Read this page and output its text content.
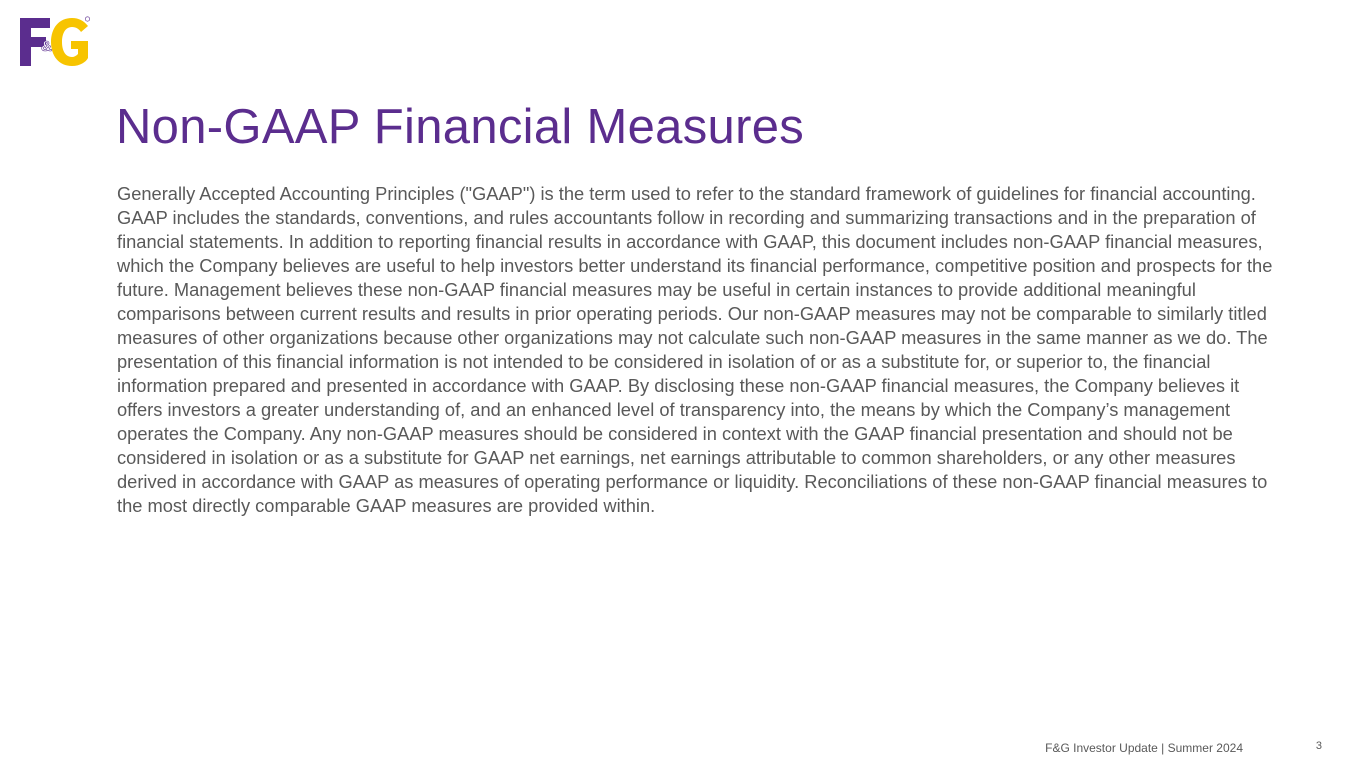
&
Non-GAAP Financial Measures

Generally Accepted Accounting Principles ("GAAP") is the term used to refer to the standard framework of guidelines for financial accounting. GAAP includes the standards, conventions, and rules accountants follow in recording and summarizing transactions and in the preparation of financial statements. In addition to reporting financial results in accordance with GAAP, this document includes non-GAAP financial measures, which the Company believes are useful to help investors better understand its financial performance, competitive position and prospects for the future. Management believes these non-GAAP financial measures may be useful in certain instances to provide additional meaningful comparisons between current results and results in prior operating periods. Our non-GAAP measures may not be comparable to similarly titled measures of other organizations because other organizations may not calculate such non-GAAP measures in the same manner as we do. The presentation of this financial information is not intended to be considered in isolation of or as a substitute for, or superior to, the financial information prepared and presented in accordance with GAAP. By disclosing these non-GAAP financial measures, the Company believes it offers investors a greater understanding of, and an enhanced level of transparency into, the means by which the Company’s management operates the Company. Any non-GAAP measures should be considered in context with the GAAP financial presentation and should not be considered in isolation or as a substitute for GAAP net earnings, net earnings attributable to common shareholders, or any other measures derived in accordance with GAAP as measures of operating performance or liquidity. Reconciliations of these non-GAAP financial measures to the most directly comparable GAAP measures are provided within.

F&G Investor Update | Summer 2024	3
